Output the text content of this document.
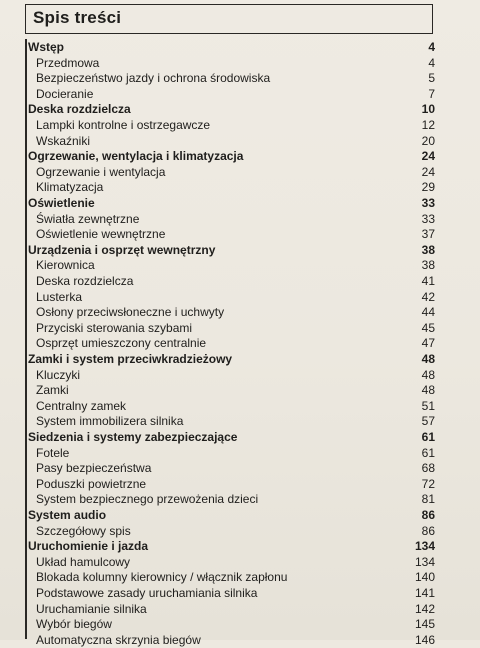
Spis treści
Wstęp	4
Przedmowa	4
Bezpieczeństwo jazdy i ochrona środowiska	5
Docieranie	7
Deska rozdzielcza	10
Lampki kontrolne i ostrzegawcze	12
Wskaźniki	20
Ogrzewanie, wentylacja i klimatyzacja	24
Ogrzewanie i wentylacja	24
Klimatyzacja	29
Oświetlenie	33
Światła zewnętrzne	33
Oświetlenie wewnętrzne	37
Urządzenia i osprzęt wewnętrzny	38
Kierownica	38
Deska rozdzielcza	41
Lusterka	42
Osłony przeciwsłoneczne i uchwyty	44
Przyciski sterowania szybami	45
Osprzęt umieszczony centralnie	47
Zamki i system przeciwkradzieżowy	48
Kluczyki	48
Zamki	48
Centralny zamek	51
System immobilizera silnika	57
Siedzenia i systemy zabezpieczające	61
Fotele	61
Pasy bezpieczeństwa	68
Poduszki powietrzne	72
System bezpiecznego przewożenia dzieci	81
System audio	86
Szczegółowy spis	86
Uruchomienie i jazda	134
Układ hamulcowy	134
Blokada kolumny kierownicy / włącznik zapłonu	140
Podstawowe zasady uruchamiania silnika	141
Uruchamianie silnika	142
Wybór biegów	145
Automatyczna skrzynia biegów	146
